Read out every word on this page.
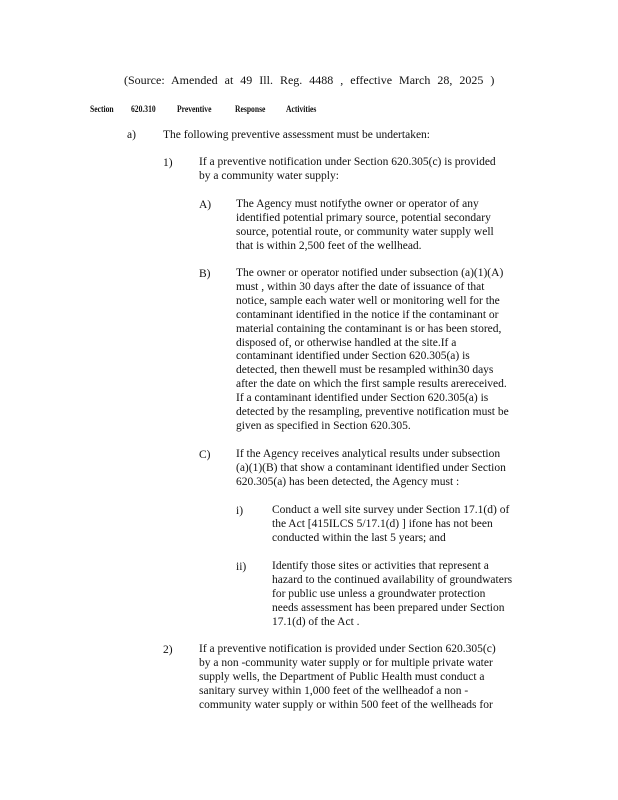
(Source: Amended at 49 Ill. Reg. 4488 , effective March 28, 2025 )
Section 620.310 Preventive Response Activities
a) The following preventive assessment must be undertaken:
1) If a preventive notification under Section 620.305(c) is provided
by a community water supply:
A) The Agency must notifythe owner or operator of any
identified potential primary source, potential secondary
source, potential route, or community water supply well
that is within 2,500 feet of the wellhead.
B) The owner or operator notified under subsection (a)(1)(A)
must , within 30 days after the date of issuance of that
notice, sample each water well or monitoring well for the
contaminant identified in the notice if the contaminant or
material containing the contaminant is or has been stored,
disposed of, or otherwise handled at the site.If a
contaminant identified under Section 620.305(a) is
detected, then thewell must be resampled within30 days
after the date on which the first sample results arereceived.
If a contaminant identified under Section 620.305(a) is
detected by the resampling, preventive notification must be
given as specified in Section 620.305.
C) If the Agency receives analytical results under subsection
(a)(1)(B) that show a contaminant identified under Section
620.305(a) has been detected, the Agency must :
i)	Conduct a well site survey under Section 17.1(d) of
the Act [415ILCS 5/17.1(d) ] ifone has not been
conducted within the last 5 years; and
ii) Identify those sites or activities that represent a
hazard to the continued availability of groundwaters
for public use unless a groundwater protection
needs assessment has been prepared under Section
17.1(d) of the Act .
2) If a preventive notification is provided under Section 620.305(c)
by a non -community water supply or for multiple private water
supply wells, the Department of Public Health must conduct a
sanitary survey within 1,000 feet of the wellheadof a non -
community water supply or within 500 feet of the wellheads for
